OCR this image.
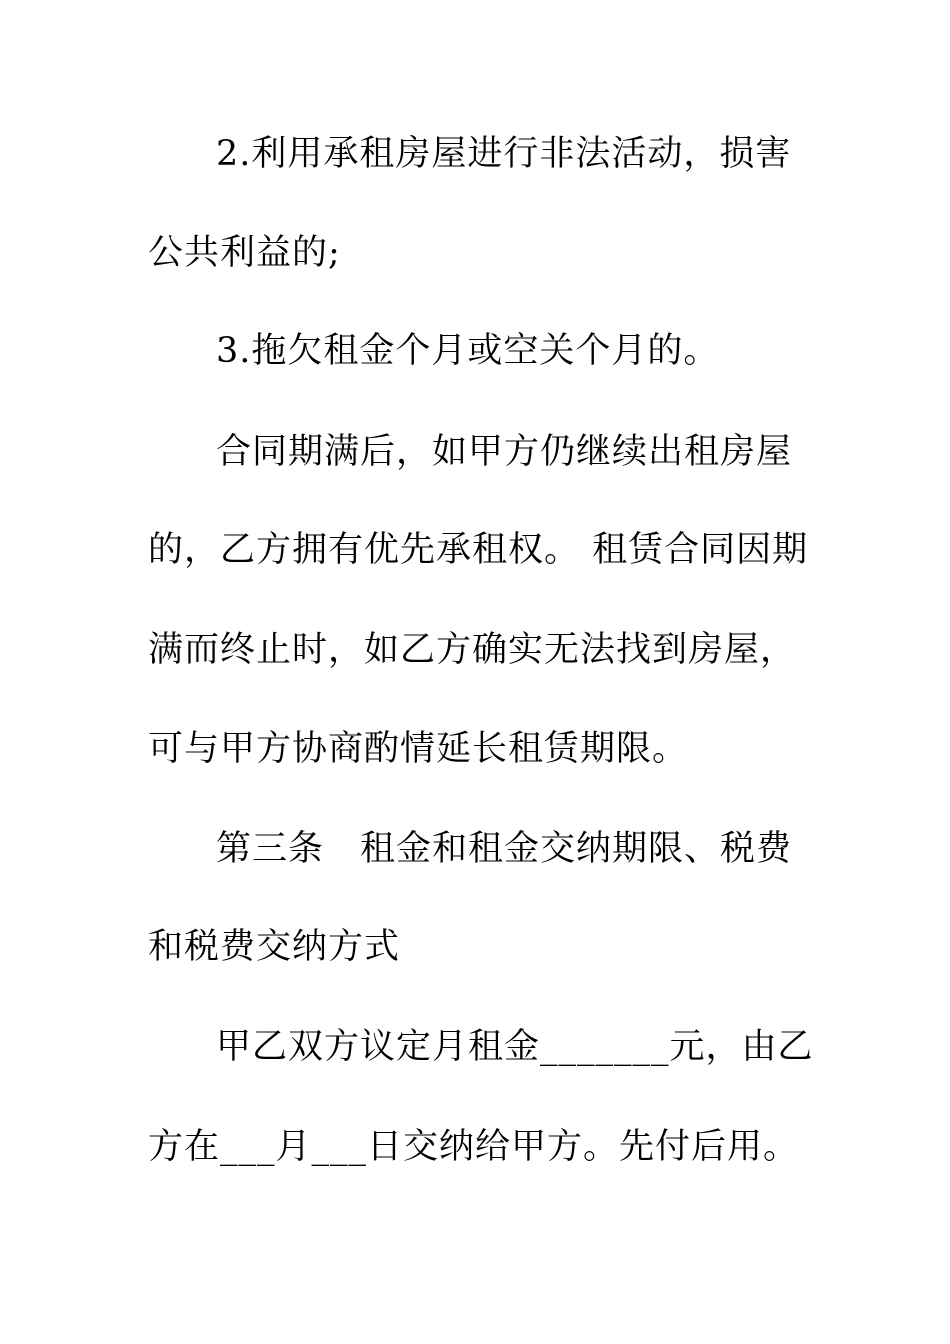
2.利用承租房屋进行非法活动，损害
公共利益的;
3.拖欠租金个月或空关个月的。
合同期满后，如甲方仍继续出租房屋
的，乙方拥有优先承租权。 租赁合同因期
满而终止时，如乙方确实无法找到房屋，
可与甲方协商酌情延长租赁期限。
第三条　租金和租金交纳期限、税费
和税费交纳方式
甲乙双方议定月租金_______元，由乙
方在___月___日交纳给甲方。先付后用。
